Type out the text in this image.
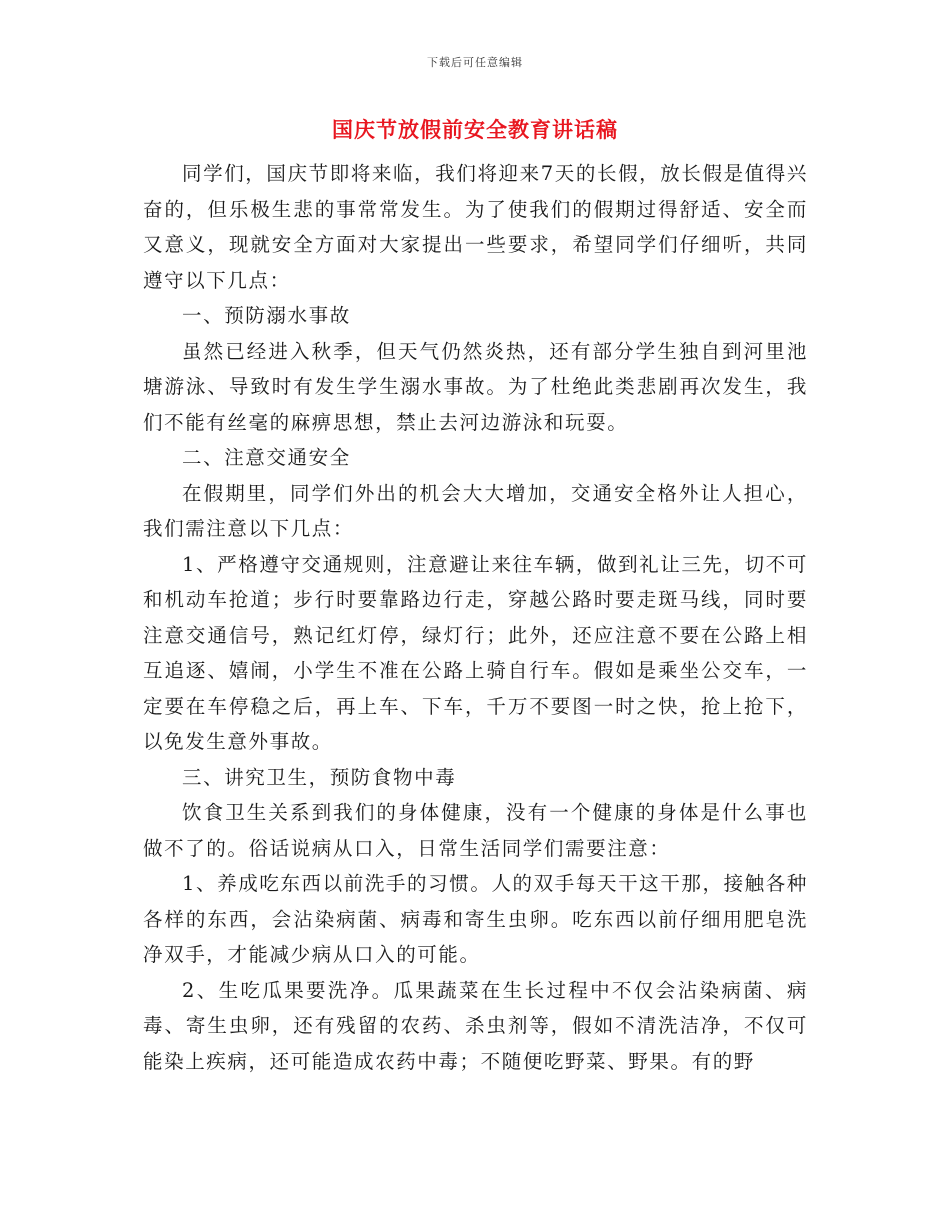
下载后可任意编辑
国庆节放假前安全教育讲话稿

同学们，国庆节即将来临，我们将迎来7天的长假，放长假是值得兴奋的，但乐极生悲的事常常发生。为了使我们的假期过得舒适、安全而又意义，现就安全方面对大家提出一些要求，希望同学们仔细听，共同遵守以下几点：

一、预防溺水事故

虽然已经进入秋季，但天气仍然炎热，还有部分学生独自到河里池塘游泳、导致时有发生学生溺水事故。为了杜绝此类悲剧再次发生，我们不能有丝毫的麻痹思想，禁止去河边游泳和玩耍。

二、注意交通安全

在假期里，同学们外出的机会大大增加，交通安全格外让人担心，我们需注意以下几点：

1、严格遵守交通规则，注意避让来往车辆，做到礼让三先，切不可和机动车抢道；步行时要靠路边行走，穿越公路时要走斑马线，同时要注意交通信号，熟记红灯停，绿灯行；此外，还应注意不要在公路上相互追逐、嬉闹，小学生不准在公路上骑自行车。假如是乘坐公交车，一定要在车停稳之后，再上车、下车，千万不要图一时之快，抢上抢下，以免发生意外事故。

三、讲究卫生，预防食物中毒

饮食卫生关系到我们的身体健康，没有一个健康的身体是什么事也做不了的。俗话说病从口入，日常生活同学们需要注意：

1、养成吃东西以前洗手的习惯。人的双手每天干这干那，接触各种各样的东西，会沾染病菌、病毒和寄生虫卵。吃东西以前仔细用肥皂洗净双手，才能减少病从口入的可能。

2、生吃瓜果要洗净。瓜果蔬菜在生长过程中不仅会沾染病菌、病毒、寄生虫卵，还有残留的农药、杀虫剂等，假如不清洗洁净，不仅可能染上疾病，还可能造成农药中毒；不随便吃野菜、野果。有的野
